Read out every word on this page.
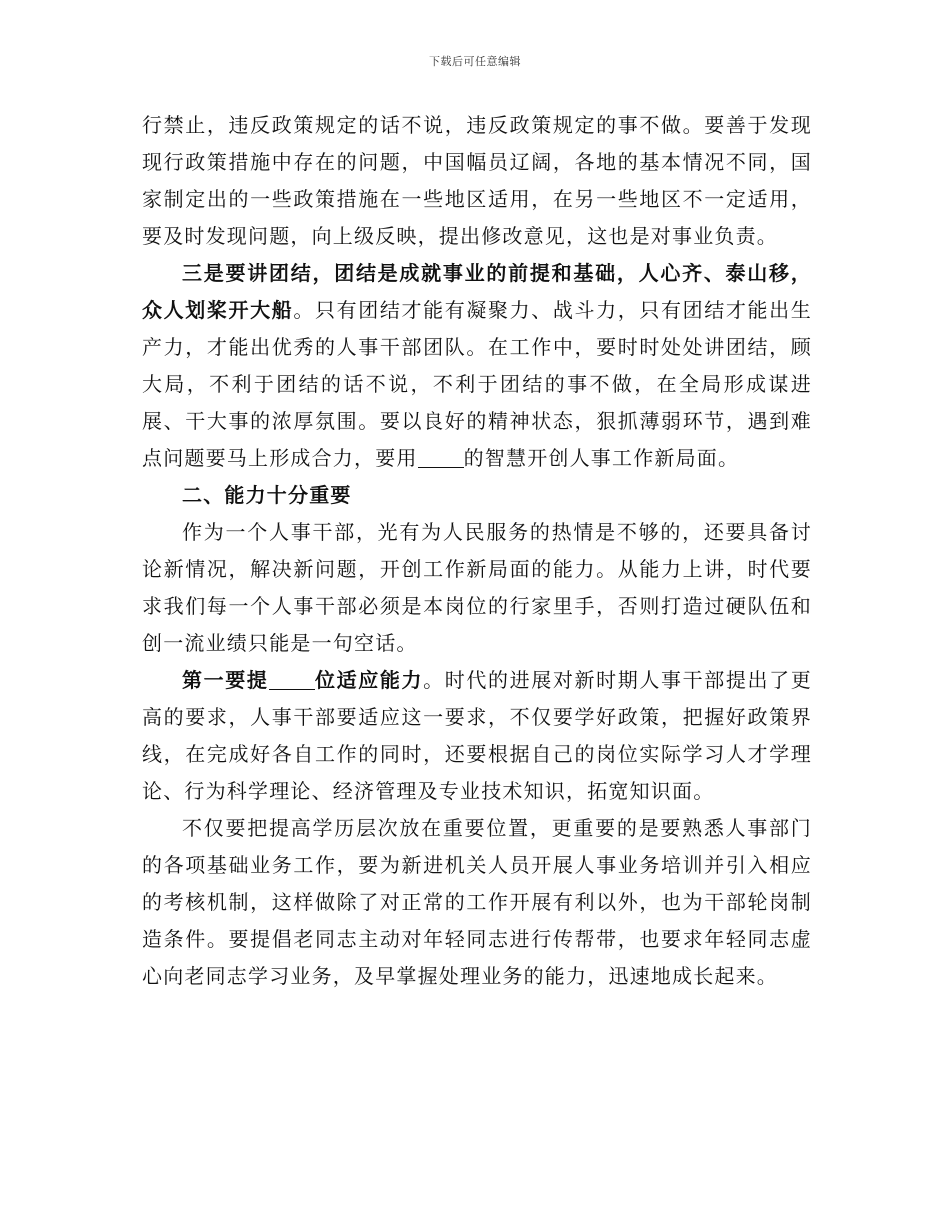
下载后可任意编辑

行禁止，违反政策规定的话不说，违反政策规定的事不做。要善于发现现行政策措施中存在的问题，中国幅员辽阔，各地的基本情况不同，国家制定出的一些政策措施在一些地区适用，在另一些地区不一定适用，要及时发现问题，向上级反映，提出修改意见，这也是对事业负责。

三是要讲团结，团结是成就事业的前提和基础，人心齐、泰山移，众人划桨开大船。只有团结才能有凝聚力、战斗力，只有团结才能出生产力，才能出优秀的人事干部团队。在工作中，要时时处处讲团结，顾大局，不利于团结的话不说，不利于团结的事不做，在全局形成谋进展、干大事的浓厚氛围。要以良好的精神状态，狠抓薄弱环节，遇到难点问题要马上形成合力，要用 的智慧开创人事工作新局面。

二、能力十分重要

作为一个人事干部，光有为人民服务的热情是不够的，还要具备讨论新情况，解决新问题，开创工作新局面的能力。从能力上讲，时代要求我们每一个人事干部必须是本岗位的行家里手，否则打造过硬队伍和创一流业绩只能是一句空话。

第一要提 位适应能力。时代的进展对新时期人事干部提出了更高的要求，人事干部要适应这一要求，不仅要学好政策，把握好政策界线，在完成好各自工作的同时，还要根据自己的岗位实际学习人才学理论、行为科学理论、经济管理及专业技术知识，拓宽知识面。

不仅要把提高学历层次放在重要位置，更重要的是要熟悉人事部门的各项基础业务工作，要为新进机关人员开展人事业务培训并引入相应的考核机制，这样做除了对正常的工作开展有利以外，也为干部轮岗制造条件。要提倡老同志主动对年轻同志进行传帮带，也要求年轻同志虚心向老同志学习业务，及早掌握处理业务的能力，迅速地成长起来。
